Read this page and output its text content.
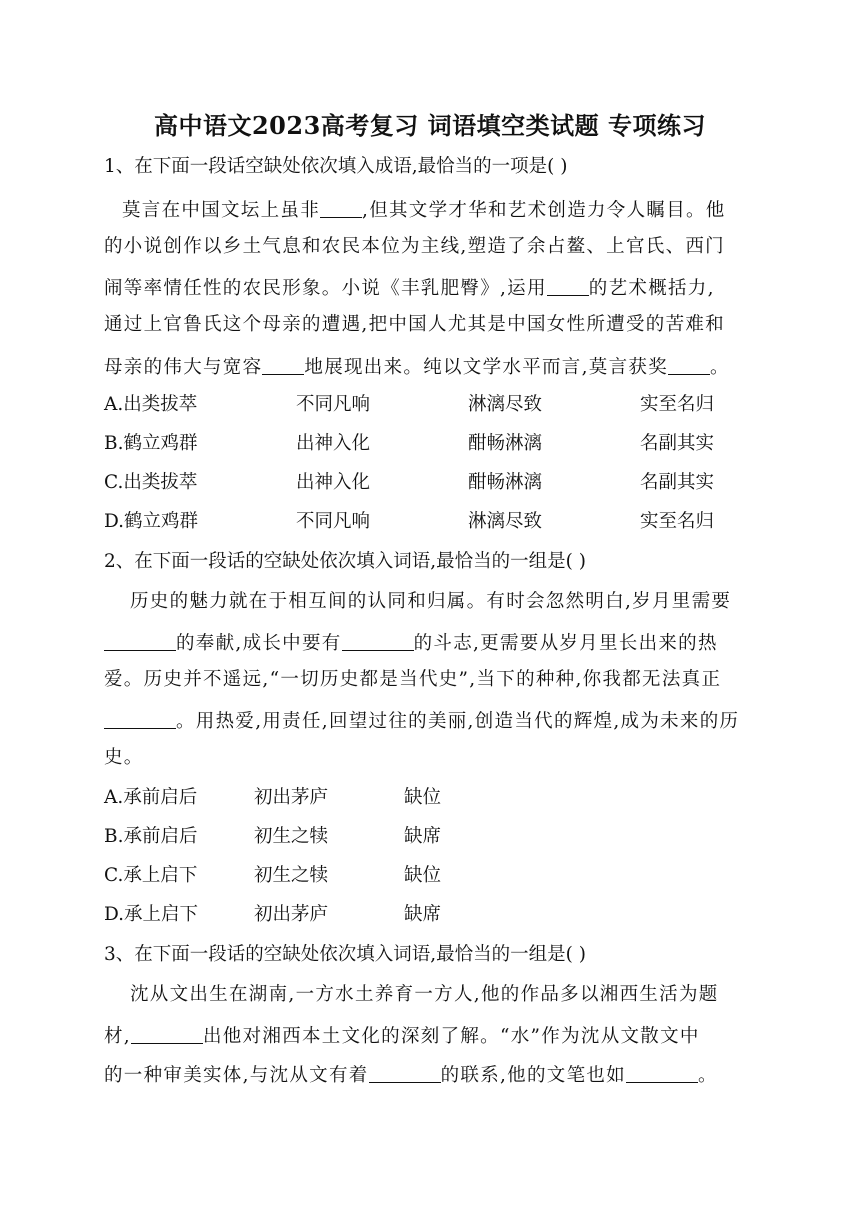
高中语文2023高考复习 词语填空类试题 专项练习
1、在下面一段话空缺处依次填入成语,最恰当的一项是( )
莫言在中国文坛上虽非 ,但其文学才华和艺术创造力令人瞩目。他
的小说创作以乡土气息和农民本位为主线,塑造了余占鳌、上官氏、西门
闹等率情任性的农民形象。小说《丰乳肥臀》,运用 的艺术概括力,
通过上官鲁氏这个母亲的遭遇,把中国人尤其是中国女性所遭受的苦难和
母亲的伟大与宽容 地展现出来。纯以文学水平而言,莫言获奖 。
A.出类拔萃	不同凡响	淋漓尽致	实至名归
B.鹤立鸡群	出神入化	酣畅淋漓	名副其实
C.出类拔萃	出神入化	酣畅淋漓	名副其实
D.鹤立鸡群	不同凡响	淋漓尽致	实至名归
2、在下面一段话的空缺处依次填入词语,最恰当的一组是( )
历史的魅力就在于相互间的认同和归属。有时会忽然明白,岁月里需要
的奉献,成长中要有	的斗志,更需要从岁月里长出来的热
爱。历史并不遥远,“一切历史都是当代史”,当下的种种,你我都无法真正
。用热爱,用责任,回望过往的美丽,创造当代的辉煌,成为未来的历
史。
A.承前启后	初出茅庐	缺位
B.承前启后	初生之犊	缺席
C.承上启下	初生之犊	缺位
D.承上启下	初出茅庐	缺席
3、在下面一段话的空缺处依次填入词语,最恰当的一组是( )
沈从文出生在湖南,一方水土养育一方人,他的作品多以湘西生活为题
材,	出他对湘西本土文化的深刻了解。“水”作为沈从文散文中
的一种审美实体,与沈从文有着	的联系,他的文笔也如	。
